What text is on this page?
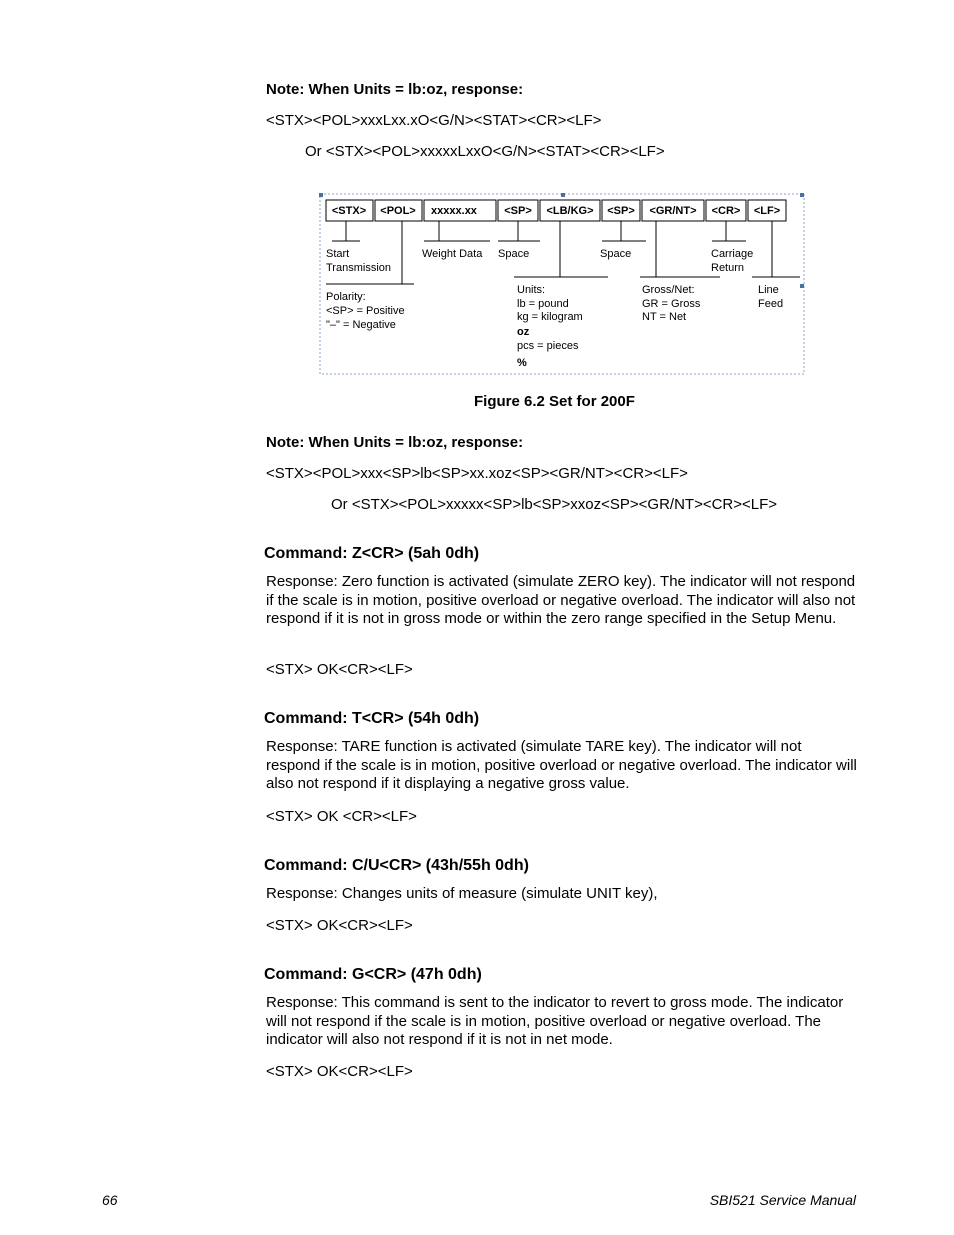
Note: When Units = lb:oz, response:
<STX><POL>xxxLxx.xO<G/N><STAT><CR><LF>
Or <STX><POL>xxxxxLxxO<G/N><STAT><CR><LF>
<STX> <POL> xxxxx.xx <SP> <LB/KG> <SP> <GR/NT> <CR> <LF>
Start
Transmission
Weight Data Space	Space	Carriage
Return
Polarity:
<SP> = Positive
"–" = Negative
Units:
lb = pound
kg = kilogram
oz
pcs = pieces
%
Gross/Net:
GR = Gross
NT = Net
Line
Feed
Figure 6.2 Set for 200F
Note: When Units = lb:oz, response:
<STX><POL>xxx<SP>lb<SP>xx.xoz<SP><GR/NT><CR><LF>
Or <STX><POL>xxxxx<SP>lb<SP>xxoz<SP><GR/NT><CR><LF>
Command: Z<CR> (5ah 0dh)
Response: Zero function is activated (simulate ZERO key). The indicator will not respond if the scale is in motion, positive overload or negative overload. The indicator will also not respond if it is not in gross mode or within the zero range specified in the Setup Menu.
<STX> OK<CR><LF>
Command: T<CR> (54h 0dh)
Response: TARE function is activated (simulate TARE key). The indicator will not respond if the scale is in motion, positive overload or negative overload. The indicator will also not respond if it displaying a negative gross value.
<STX> OK <CR><LF>
Command: C/U<CR> (43h/55h 0dh)
Response: Changes units of measure (simulate UNIT key),
<STX> OK<CR><LF>
Command: G<CR> (47h 0dh)
Response: This command is sent to the indicator to revert to gross mode. The indicator will not respond if the scale is in motion, positive overload or negative overload. The indicator will also not respond if it is not in net mode.
<STX> OK<CR><LF>
66	SBI521 Service Manual
